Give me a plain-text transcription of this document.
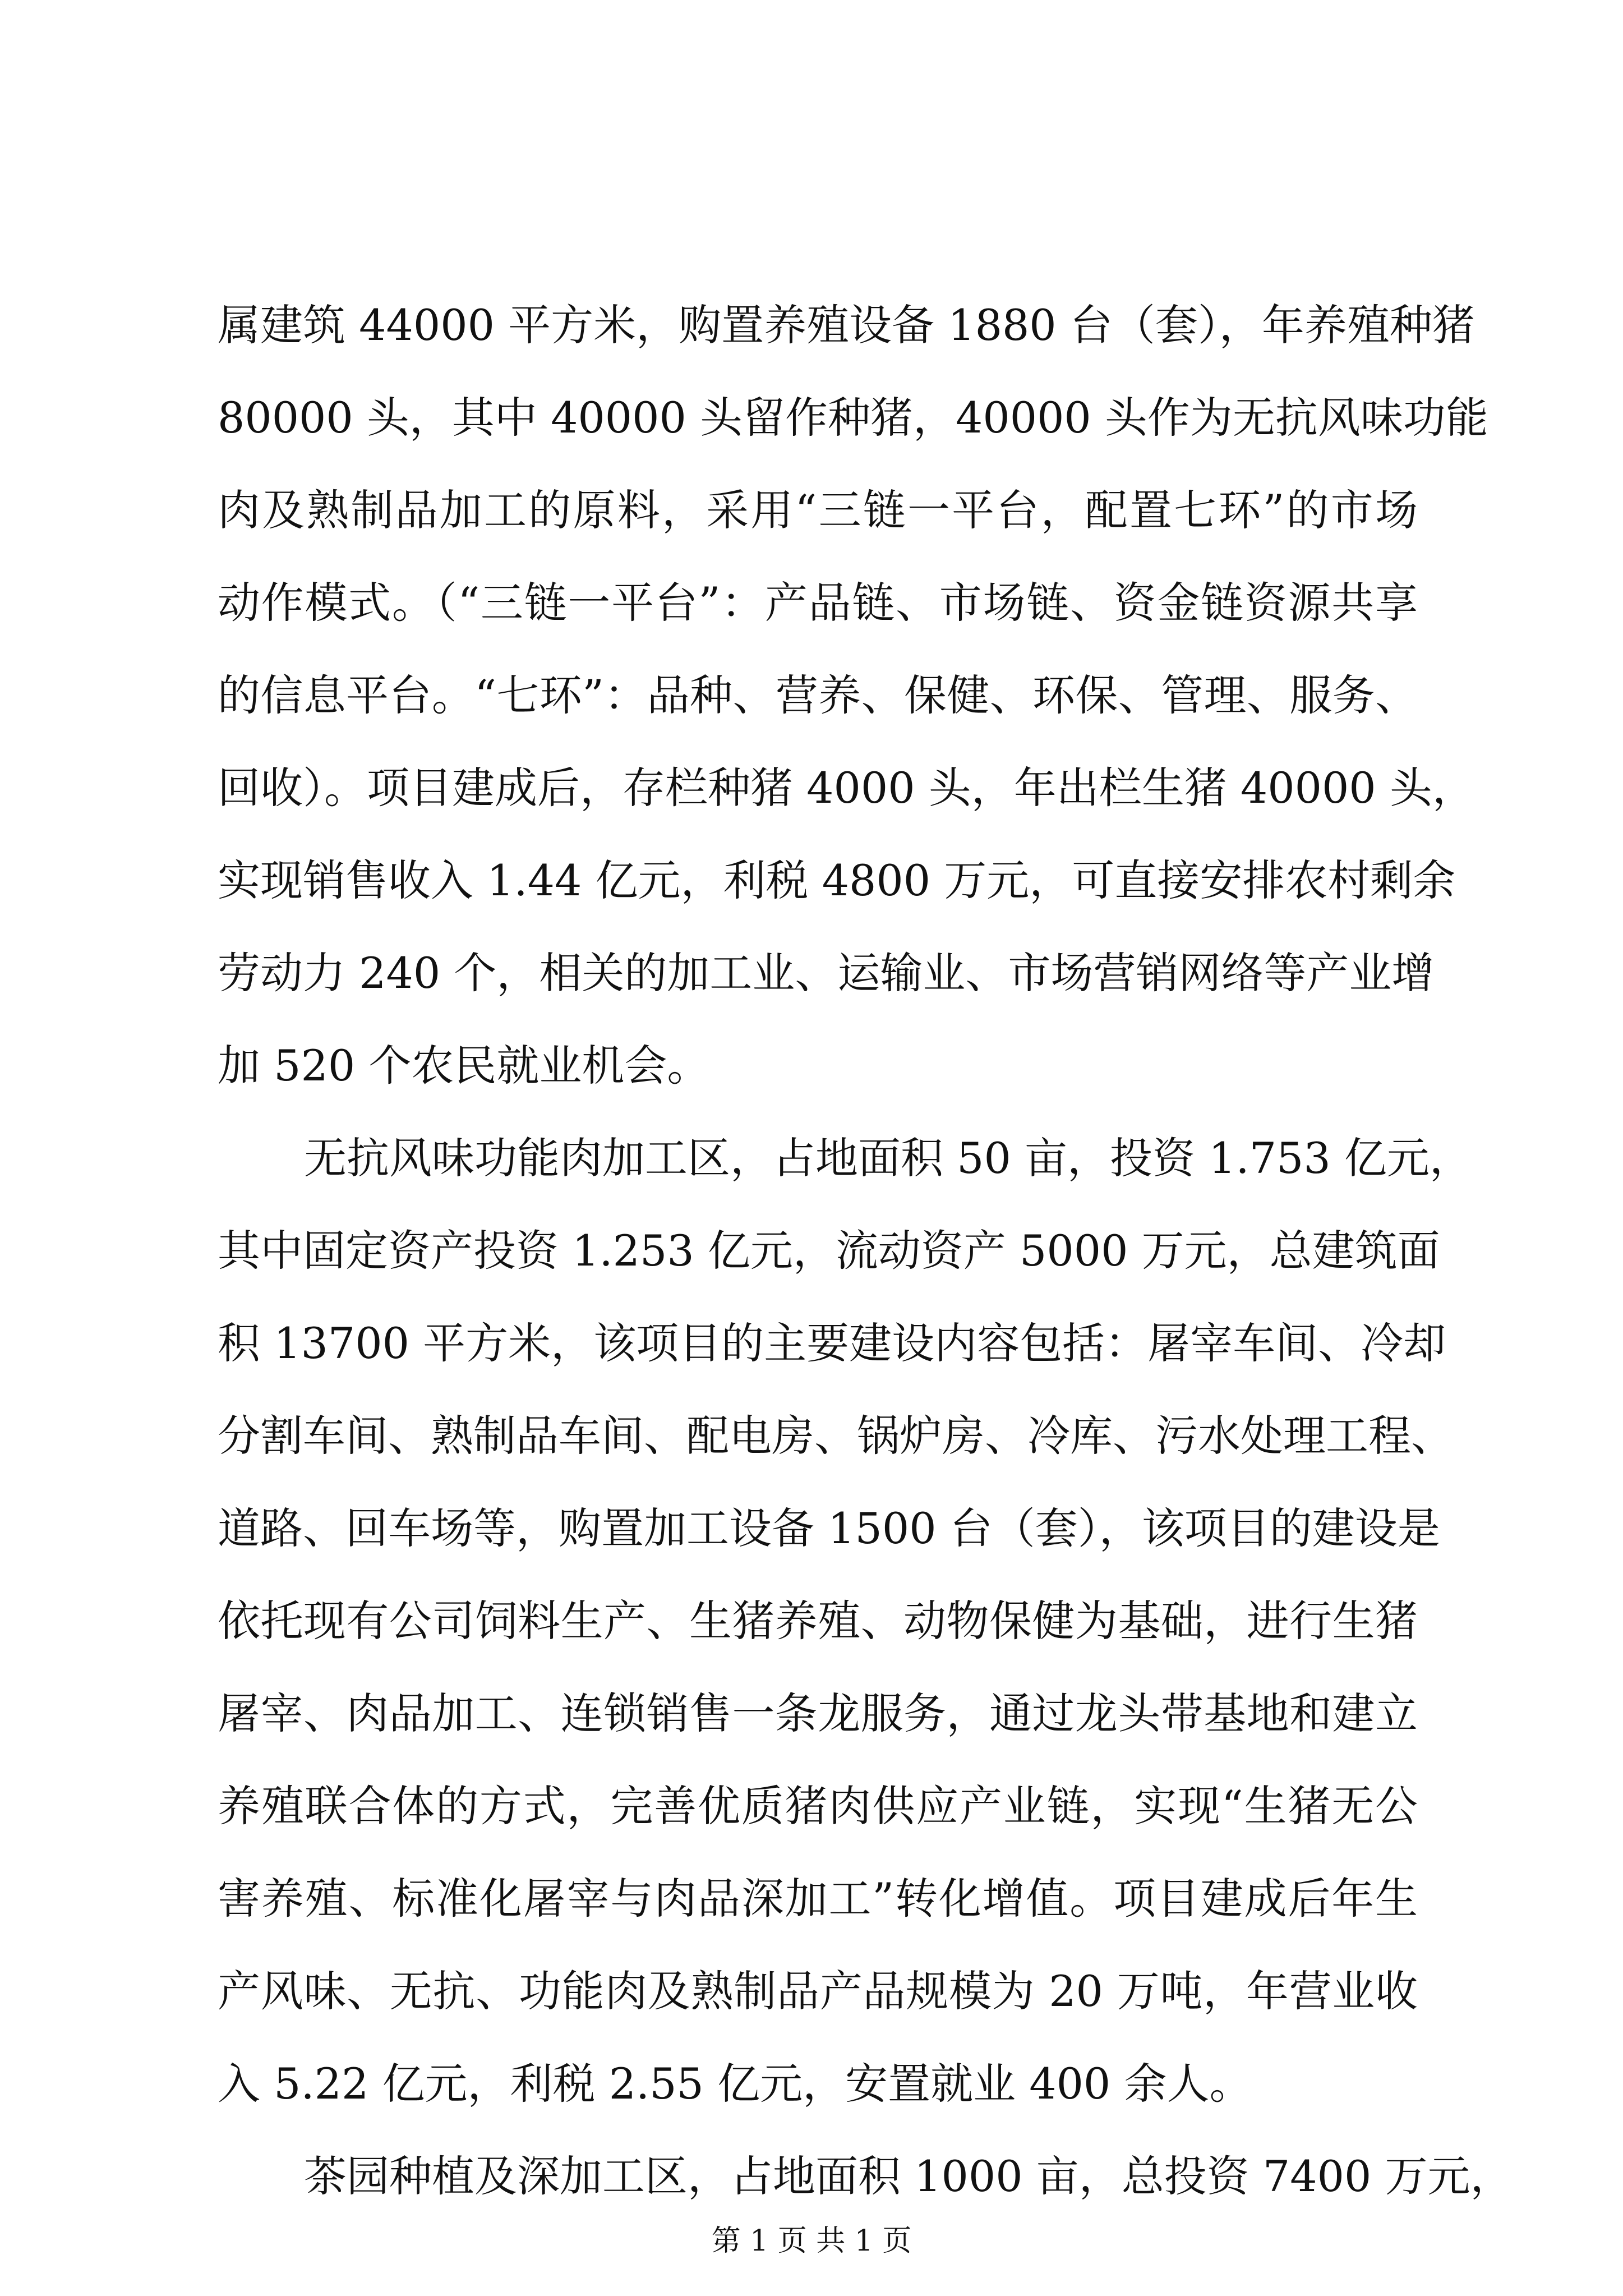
属建筑 44000 平方米，购置养殖设备 1880 台（套），年养殖种猪

80000 头，其中 40000 头留作种猪，40000 头作为无抗风味功能

肉及熟制品加工的原料，采用“三链一平台，配置七环”的市场

动作模式。（“三链一平台”：产品链、市场链、资金链资源共享

的信息平台。“七环”：品种、营养、保健、环保、管理、服务、

回收）。项目建成后，存栏种猪 4000 头，年出栏生猪 40000 头，

实现销售收入 1.44 亿元，利税 4800 万元，可直接安排农村剩余

劳动力 240 个，相关的加工业、运输业、市场营销网络等产业增

加 520 个农民就业机会。

无抗风味功能肉加工区，占地面积 50 亩，投资 1.753 亿元，

其中固定资产投资 1.253 亿元，流动资产 5000 万元，总建筑面

积 13700 平方米，该项目的主要建设内容包括：屠宰车间、冷却

分割车间、熟制品车间、配电房、锅炉房、冷库、污水处理工程、

道路、回车场等，购置加工设备 1500 台（套），该项目的建设是

依托现有公司饲料生产、生猪养殖、动物保健为基础，进行生猪

屠宰、肉品加工、连锁销售一条龙服务，通过龙头带基地和建立

养殖联合体的方式，完善优质猪肉供应产业链，实现“生猪无公

害养殖、标准化屠宰与肉品深加工”转化增值。项目建成后年生

产风味、无抗、功能肉及熟制品产品规模为 20 万吨，年营业收

入 5.22 亿元，利税 2.55 亿元，安置就业 400 余人。

茶园种植及深加工区，占地面积 1000 亩，总投资 7400 万元，

第 1 页 共 1 页
